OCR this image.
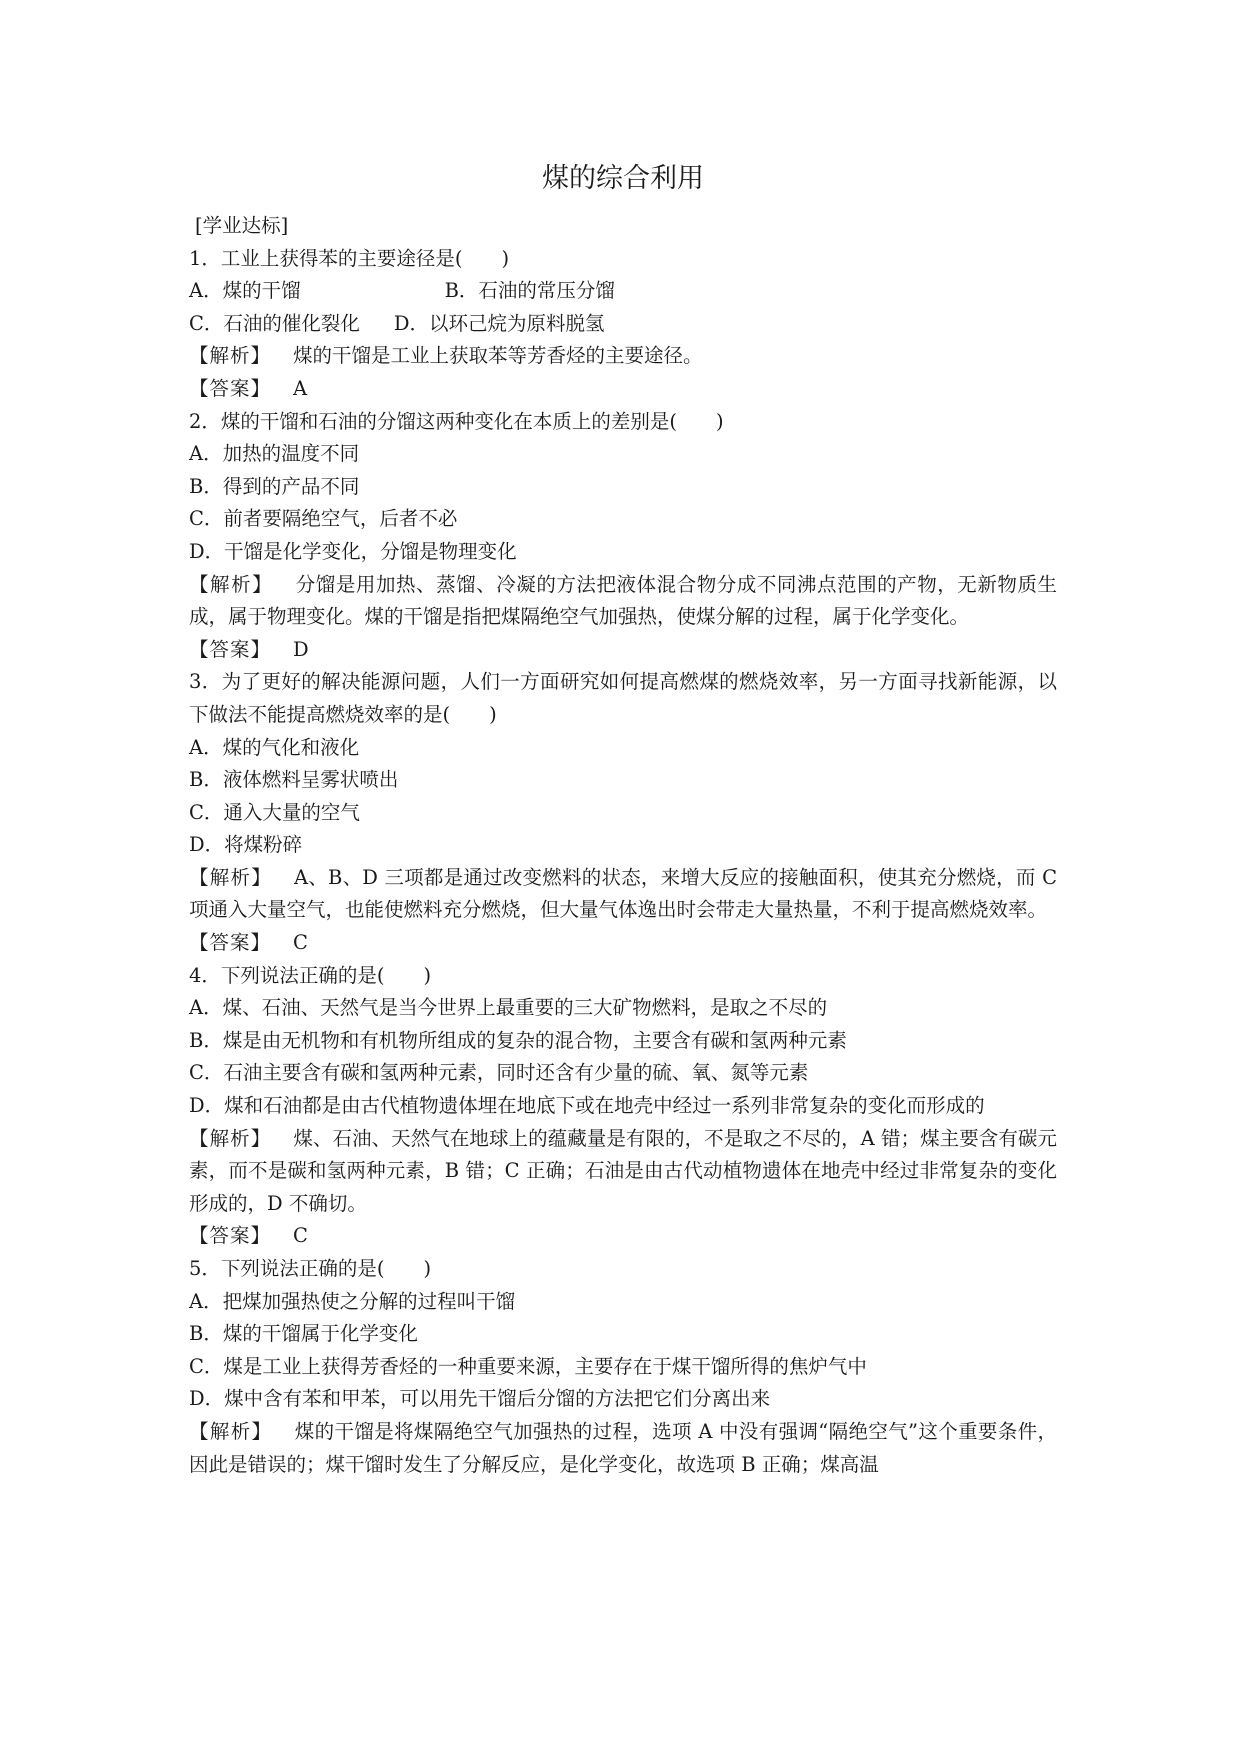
煤的综合利用
[学业达标]
1．工业上获得苯的主要途径是(　　)
A．煤的干馏	B．石油的常压分馏
C．石油的催化裂化 D．以环己烷为原料脱氢
【解析】 煤的干馏是工业上获取苯等芳香烃的主要途径。
【答案】 A
2．煤的干馏和石油的分馏这两种变化在本质上的差别是(　　)
A．加热的温度不同
B．得到的产品不同
C．前者要隔绝空气，后者不必
D．干馏是化学变化，分馏是物理变化
【解析】 分馏是用加热、蒸馏、冷凝的方法把液体混合物分成不同沸点范围的产物，无新物质生成，属于物理变化。煤的干馏是指把煤隔绝空气加强热，使煤分解的过程，属于化学变化。
【答案】 D
3．为了更好的解决能源问题，人们一方面研究如何提高燃煤的燃烧效率，另一方面寻找新能源，以下做法不能提高燃烧效率的是(　　)
A．煤的气化和液化
B．液体燃料呈雾状喷出
C．通入大量的空气
D．将煤粉碎
【解析】 A、B、D 三项都是通过改变燃料的状态，来增大反应的接触面积，使其充分燃烧，而 C 项通入大量空气，也能使燃料充分燃烧，但大量气体逸出时会带走大量热量，不利于提高燃烧效率。
【答案】 C
4．下列说法正确的是(　　)
A．煤、石油、天然气是当今世界上最重要的三大矿物燃料，是取之不尽的
B．煤是由无机物和有机物所组成的复杂的混合物，主要含有碳和氢两种元素
C．石油主要含有碳和氢两种元素，同时还含有少量的硫、氧、氮等元素
D．煤和石油都是由古代植物遗体埋在地底下或在地壳中经过一系列非常复杂的变化而形成的
【解析】 煤、石油、天然气在地球上的蕴藏量是有限的，不是取之不尽的，A 错；煤主要含有碳元素，而不是碳和氢两种元素，B 错；C 正确；石油是由古代动植物遗体在地壳中经过非常复杂的变化形成的，D 不确切。
【答案】 C
5．下列说法正确的是(　　)
A．把煤加强热使之分解的过程叫干馏
B．煤的干馏属于化学变化
C．煤是工业上获得芳香烃的一种重要来源，主要存在于煤干馏所得的焦炉气中
D．煤中含有苯和甲苯，可以用先干馏后分馏的方法把它们分离出来
【解析】 煤的干馏是将煤隔绝空气加强热的过程，选项 A 中没有强调“隔绝空气”这个重要条件，因此是错误的；煤干馏时发生了分解反应，是化学变化，故选项 B 正确；煤高温
